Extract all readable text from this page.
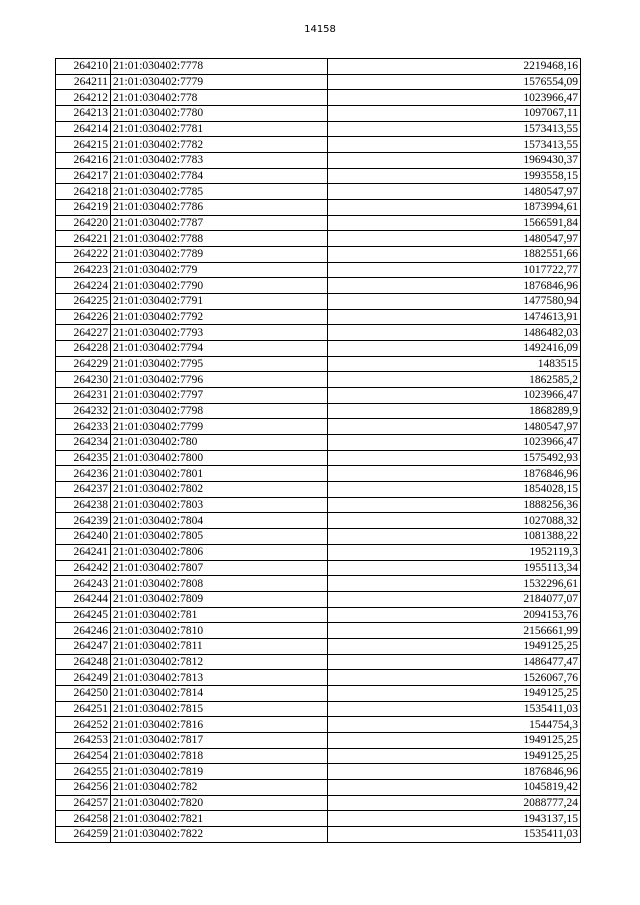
14158
264210	21:01:030402:7778	2219468,16
264211	21:01:030402:7779	1576554,09
264212	21:01:030402:778	1023966,47
264213	21:01:030402:7780	1097067,11
264214	21:01:030402:7781	1573413,55
264215	21:01:030402:7782	1573413,55
264216	21:01:030402:7783	1969430,37
264217	21:01:030402:7784	1993558,15
264218	21:01:030402:7785	1480547,97
264219	21:01:030402:7786	1873994,61
264220	21:01:030402:7787	1566591,84
264221	21:01:030402:7788	1480547,97
264222	21:01:030402:7789	1882551,66
264223	21:01:030402:779	1017722,77
264224	21:01:030402:7790	1876846,96
264225	21:01:030402:7791	1477580,94
264226	21:01:030402:7792	1474613,91
264227	21:01:030402:7793	1486482,03
264228	21:01:030402:7794	1492416,09
264229	21:01:030402:7795	1483515
264230	21:01:030402:7796	1862585,2
264231	21:01:030402:7797	1023966,47
264232	21:01:030402:7798	1868289,9
264233	21:01:030402:7799	1480547,97
264234	21:01:030402:780	1023966,47
264235	21:01:030402:7800	1575492,93
264236	21:01:030402:7801	1876846,96
264237	21:01:030402:7802	1854028,15
264238	21:01:030402:7803	1888256,36
264239	21:01:030402:7804	1027088,32
264240	21:01:030402:7805	1081388,22
264241	21:01:030402:7806	1952119,3
264242	21:01:030402:7807	1955113,34
264243	21:01:030402:7808	1532296,61
264244	21:01:030402:7809	2184077,07
264245	21:01:030402:781	2094153,76
264246	21:01:030402:7810	2156661,99
264247	21:01:030402:7811	1949125,25
264248	21:01:030402:7812	1486477,47
264249	21:01:030402:7813	1526067,76
264250	21:01:030402:7814	1949125,25
264251	21:01:030402:7815	1535411,03
264252	21:01:030402:7816	1544754,3
264253	21:01:030402:7817	1949125,25
264254	21:01:030402:7818	1949125,25
264255	21:01:030402:7819	1876846,96
264256	21:01:030402:782	1045819,42
264257	21:01:030402:7820	2088777,24
264258	21:01:030402:7821	1943137,15
264259	21:01:030402:7822	1535411,03
